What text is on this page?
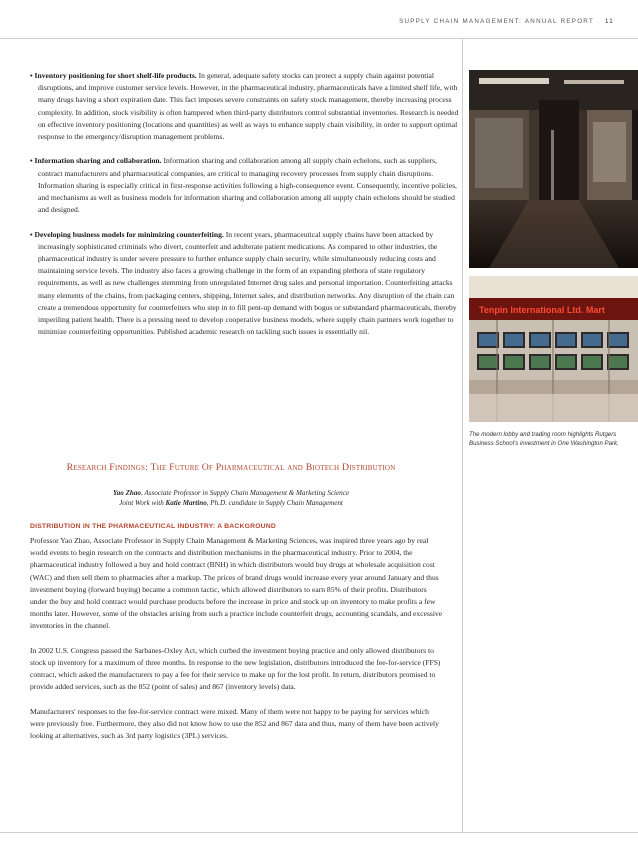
SUPPLY CHAIN MANAGEMENT: ANNUAL REPORT 11

• Inventory positioning for short shelf-life products. In general, adequate safety stocks can protect a supply chain against potential disruptions, and improve customer service levels. However, in the pharmaceutical industry, pharmaceuticals have a limited shelf life, with many drugs having a short expiration date. This fact imposes severe constraints on safety stock management, thereby increasing process complexity. In addition, stock visibility is often hampered when third-party distributors control substantial inventories. Research is needed on effective inventory positioning (locations and quantities) as well as ways to enhance supply chain visibility, in order to support optimal response to the emergency/disruption management problems.

• Information sharing and collaboration. Information sharing and collaboration among all supply chain echelons, such as suppliers, contract manufacturers and pharmaceutical companies, are critical to managing recovery processes from supply chain disruptions. Information sharing is especially critical in first-response activities following a high-consequence event. Consequently, incentive policies, and mechanisms as well as business models for information sharing and collaboration among all supply chain echelons should be studied and designed.

• Developing business models for minimizing counterfeiting. In recent years, pharmaceutical supply chains have been attacked by increasingly sophisticated criminals who divert, counterfeit and adulterate patient medications. As compared to other industries, the pharmaceutical industry is under severe pressure to further enhance supply chain security, while simultaneously reducing costs and maintaining service levels. The industry also faces a growing challenge in the form of an expanding plethora of state regulatory requirements, as well as new challenges stemming from unregulated Internet drug sales and personal importation. Counterfeiting attacks many elements of the chains, from packaging centers, shipping, Internet sales, and distribution networks. Any disruption of the chain can create a tremendous opportunity for counterfeiters who step in to fill pent-up demand with bogus or substandard pharmaceuticals, thereby imperiling patient health. There is a pressing need to develop cooperative business models, where supply chain partners work together to minimize counterfeiting opportunities. Published academic research on tackling such issues is essentially nil.

Tenpin International Ltd. Mart
The modern lobby and trading room highlights Rutgers Business School's investment in One Washington Park.
Research Findings: The Future Of Pharmaceutical and Biotech Distribution
Yao Zhao, Associate Professor in Supply Chain Management & Marketing Science
Joint Work with Katie Martino, Ph.D. candidate in Supply Chain Management
DISTRIBUTION IN THE PHARMACEUTICAL INDUSTRY: A BACKGROUND

Professor Yao Zhao, Associate Professor in Supply Chain Management & Marketing Sciences, was inspired three years ago by real world events to begin research on the contracts and distribution mechanisms in the pharmaceutical industry. Prior to 2004, the pharmaceutical industry followed a buy and hold contract (BNH) in which distributors would buy drugs at wholesale acquisition cost (WAC) and then sell them to pharmacies after a markup. The prices of brand drugs would increase every year around January and thus investment buying (forward buying) became a common tactic, which allowed distributors to earn 85% of their profits. Distributors under the buy and hold contract would purchase products before the increase in price and stock up on inventory to make profits a few months later. However, some of the obstacles arising from such a practice include counterfeit drugs, accounting scandals, and excessive inventories in the channel.

In 2002 U.S. Congress passed the Sarbanes-Oxley Act, which curbed the investment buying practice and only allowed distributors to stock up inventory for a maximum of three months. In response to the new legislation, distributors introduced the fee-for-service (FFS) contract, which asked the manufacturers to pay a fee for their service to make up for the lost profit. In return, distributors promised to provide added services, such as the 852 (point of sales) and 867 (inventory levels) data.

Manufacturers' responses to the fee-for-service contract were mixed. Many of them were not happy to be paying for services which were previously free. Furthermore, they also did not know how to use the 852 and 867 data and thus, many of them have been actively looking at alternatives, such as 3rd party logistics (3PL) services.
